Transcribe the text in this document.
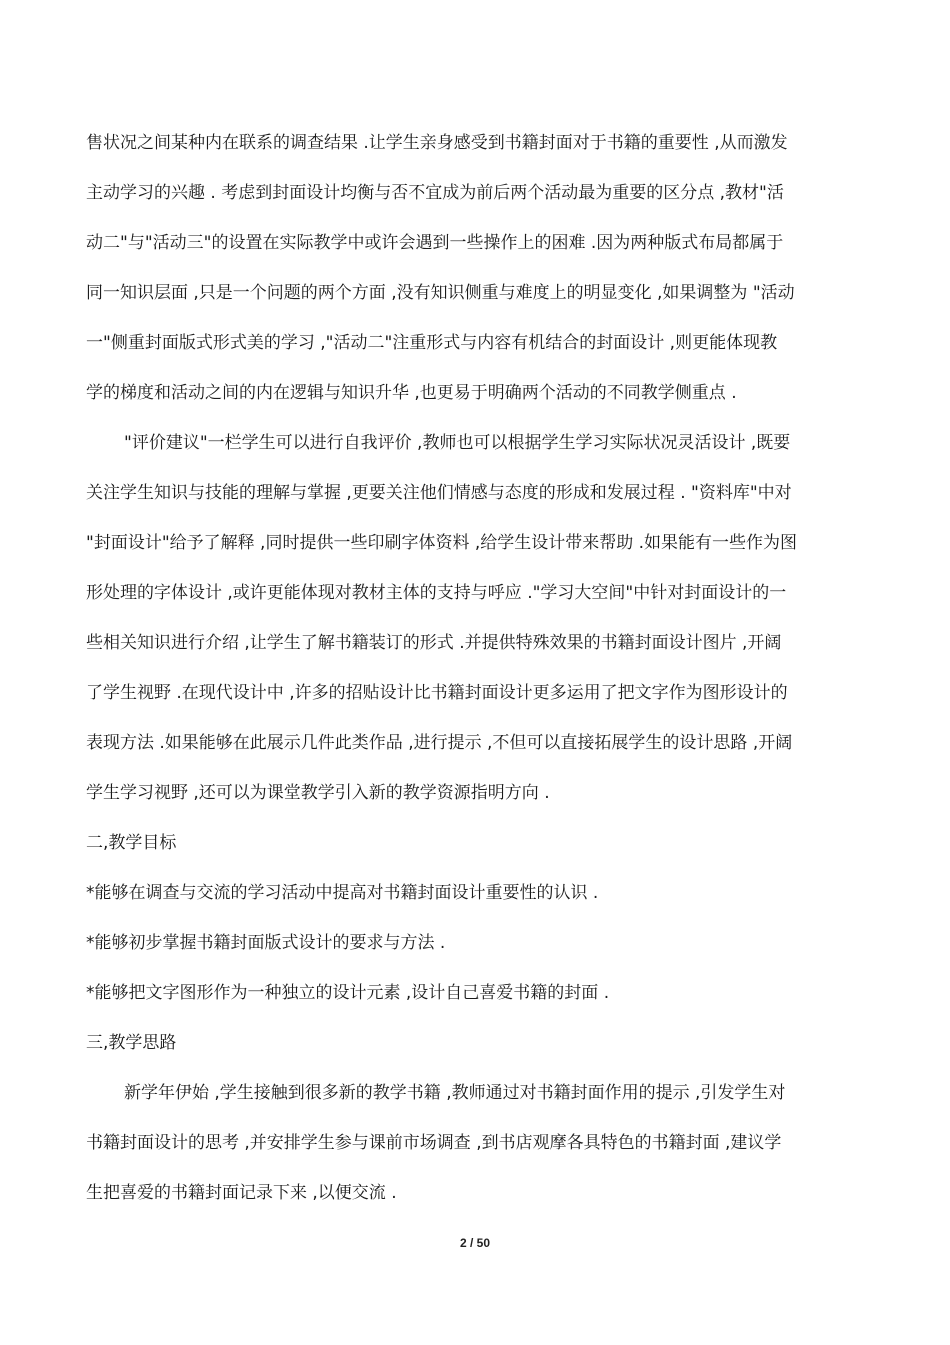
售状况之间某种内在联系的调查结果 .让学生亲身感受到书籍封面对于书籍的重要性 ,从而激发
主动学习的兴趣 . 考虑到封面设计均衡与否不宜成为前后两个活动最为重要的区分点 ,教材"活
动二"与"活动三"的设置在实际教学中或许会遇到一些操作上的困难 .因为两种版式布局都属于
同一知识层面 ,只是一个问题的两个方面 ,没有知识侧重与难度上的明显变化 ,如果调整为 "活动
一"侧重封面版式形式美的学习 ,"活动二"注重形式与内容有机结合的封面设计 ,则更能体现教
学的梯度和活动之间的内在逻辑与知识升华 ,也更易于明确两个活动的不同教学侧重点 .
"评价建议"一栏学生可以进行自我评价 ,教师也可以根据学生学习实际状况灵活设计 ,既要
关注学生知识与技能的理解与掌握 ,更要关注他们情感与态度的形成和发展过程 . "资料库"中对
"封面设计"给予了解释 ,同时提供一些印刷字体资料 ,给学生设计带来帮助 .如果能有一些作为图
形处理的字体设计 ,或许更能体现对教材主体的支持与呼应 ."学习大空间"中针对封面设计的一
些相关知识进行介绍 ,让学生了解书籍装订的形式 .并提供特殊效果的书籍封面设计图片 ,开阔
了学生视野 .在现代设计中 ,许多的招贴设计比书籍封面设计更多运用了把文字作为图形设计的
表现方法 .如果能够在此展示几件此类作品 ,进行提示 ,不但可以直接拓展学生的设计思路 ,开阔
学生学习视野 ,还可以为课堂教学引入新的教学资源指明方向 .
二,教学目标
*能够在调查与交流的学习活动中提高对书籍封面设计重要性的认识 .
*能够初步掌握书籍封面版式设计的要求与方法 .
*能够把文字图形作为一种独立的设计元素 ,设计自己喜爱书籍的封面 .
三,教学思路
新学年伊始 ,学生接触到很多新的教学书籍 ,教师通过对书籍封面作用的提示 ,引发学生对
书籍封面设计的思考 ,并安排学生参与课前市场调查 ,到书店观摩各具特色的书籍封面 ,建议学
生把喜爱的书籍封面记录下来 ,以便交流 .
2 / 50
